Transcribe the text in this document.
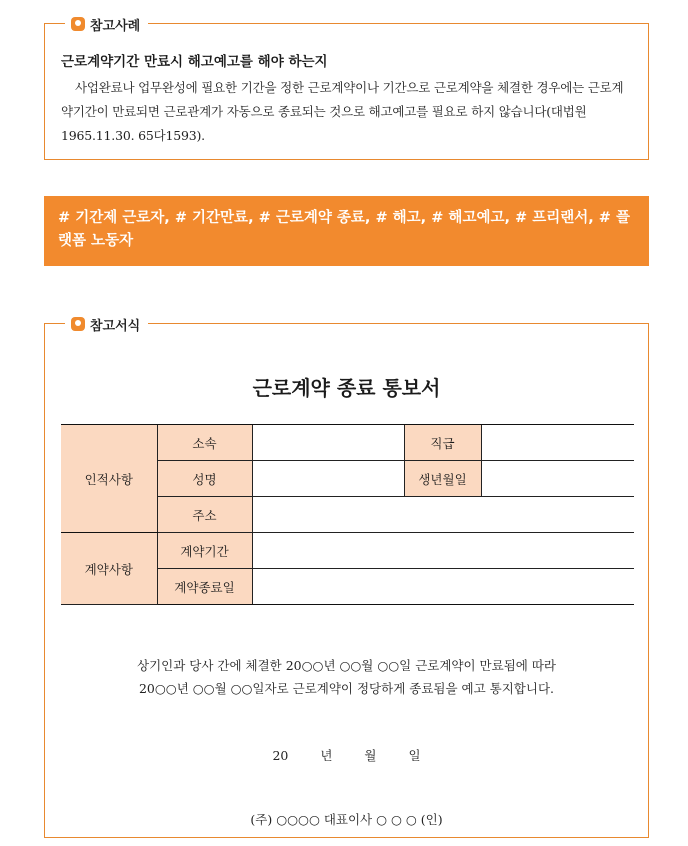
참고사례
근로계약기간 만료시 해고예고를 해야 하는지
사업완료나 업무완성에 필요한 기간을 정한 근로계약이나 기간으로 근로계약을 체결한 경우에는 근로계약기간이 만료되면 근로관계가 자동으로 종료되는 것으로 해고예고를 필요로 하지 않습니다(대법원 1965.11.30. 65다1593).
# 기간제 근로자, # 기간만료, # 근로계약 종료, # 해고, # 해고예고, # 프리랜서, # 플랫폼 노동자
참고서식
근로계약 종료 통보서
인적사항	소속		직급	
	성명		생년월일	
	주소			
계약사항	계약기간			
	계약종료일			
상기인과 당사 간에 체결한 20○○년 ○○월 ○○일 근로계약이 만료됨에 따라
20○○년 ○○월 ○○일자로 근로계약이 정당하게 종료됨을 예고 통지합니다.
20	년	월	일
(주) ○○○○ 대표이사 ○ ○ ○ (인)
